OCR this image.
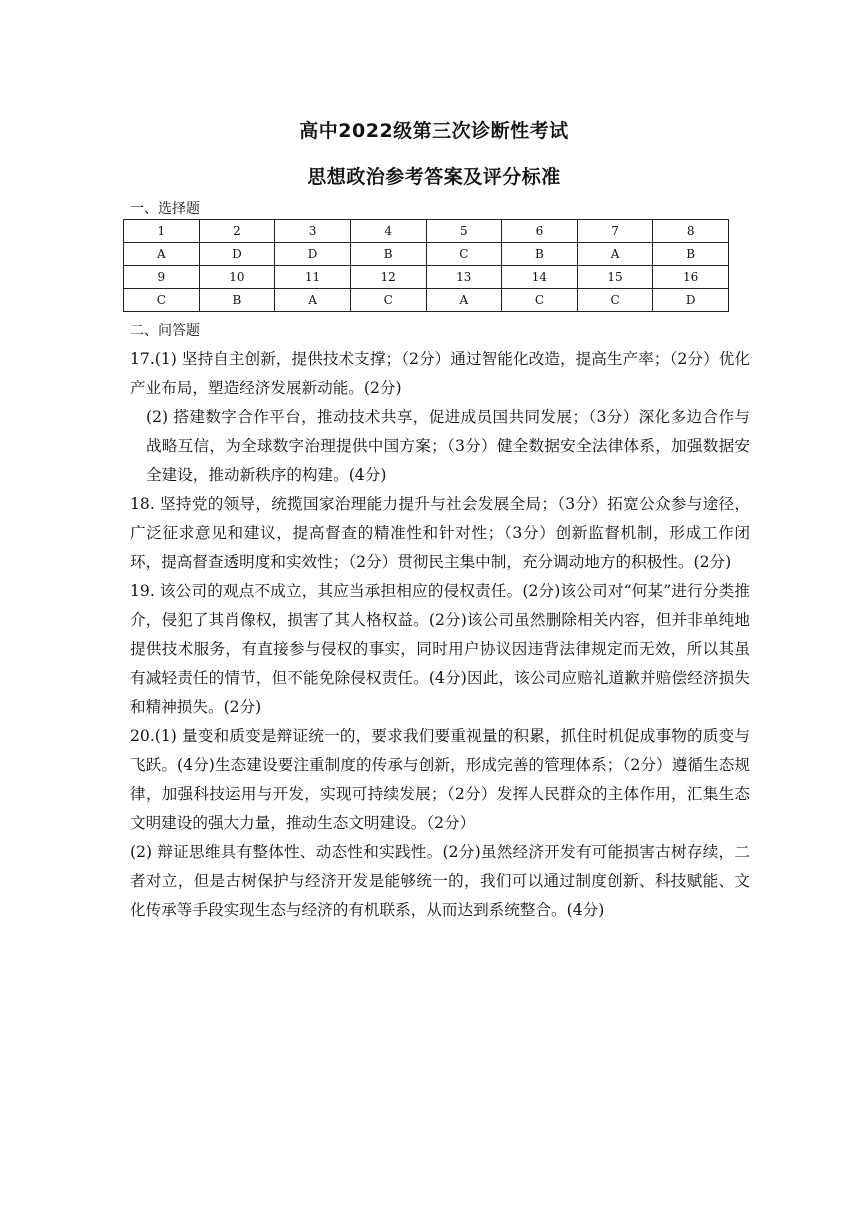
高中2022级第三次诊断性考试
思想政治参考答案及评分标准
一、选择题
1	2	3	4	5	6	7	8
A	D	D	B	C	B	A	B
9	10	11	12	13	14	15	16
C	B	A	C	A	C	C	D
二、问答题

17.(1) 坚持自主创新，提供技术支撑；（2分）通过智能化改造，提高生产率；（2分）优化产业布局，塑造经济发展新动能。(2分)

(2) 搭建数字合作平台，推动技术共享，促进成员国共同发展；（3分）深化多边合作与战略互信，为全球数字治理提供中国方案；（3分）健全数据安全法律体系，加强数据安全建设，推动新秩序的构建。(4分)

18. 坚持党的领导，统揽国家治理能力提升与社会发展全局；（3分）拓宽公众参与途径，广泛征求意见和建议，提高督查的精准性和针对性；（3分）创新监督机制，形成工作闭环，提高督查透明度和实效性；（2分）贯彻民主集中制，充分调动地方的积极性。(2分)

19. 该公司的观点不成立，其应当承担相应的侵权责任。(2分)该公司对“何某”进行分类推介，侵犯了其肖像权，损害了其人格权益。(2分)该公司虽然删除相关内容，但并非单纯地提供技术服务，有直接参与侵权的事实，同时用户协议因违背法律规定而无效，所以其虽有减轻责任的情节，但不能免除侵权责任。(4分)因此，该公司应赔礼道歉并赔偿经济损失和精神损失。(2分)

20.(1) 量变和质变是辩证统一的，要求我们要重视量的积累，抓住时机促成事物的质变与飞跃。(4分)生态建设要注重制度的传承与创新，形成完善的管理体系；（2分）遵循生态规律，加强科技运用与开发，实现可持续发展；（2分）发挥人民群众的主体作用，汇集生态文明建设的强大力量，推动生态文明建设。（2分）

(2) 辩证思维具有整体性、动态性和实践性。(2分)虽然经济开发有可能损害古树存续，二者对立，但是古树保护与经济开发是能够统一的，我们可以通过制度创新、科技赋能、文化传承等手段实现生态与经济的有机联系，从而达到系统整合。(4分)
